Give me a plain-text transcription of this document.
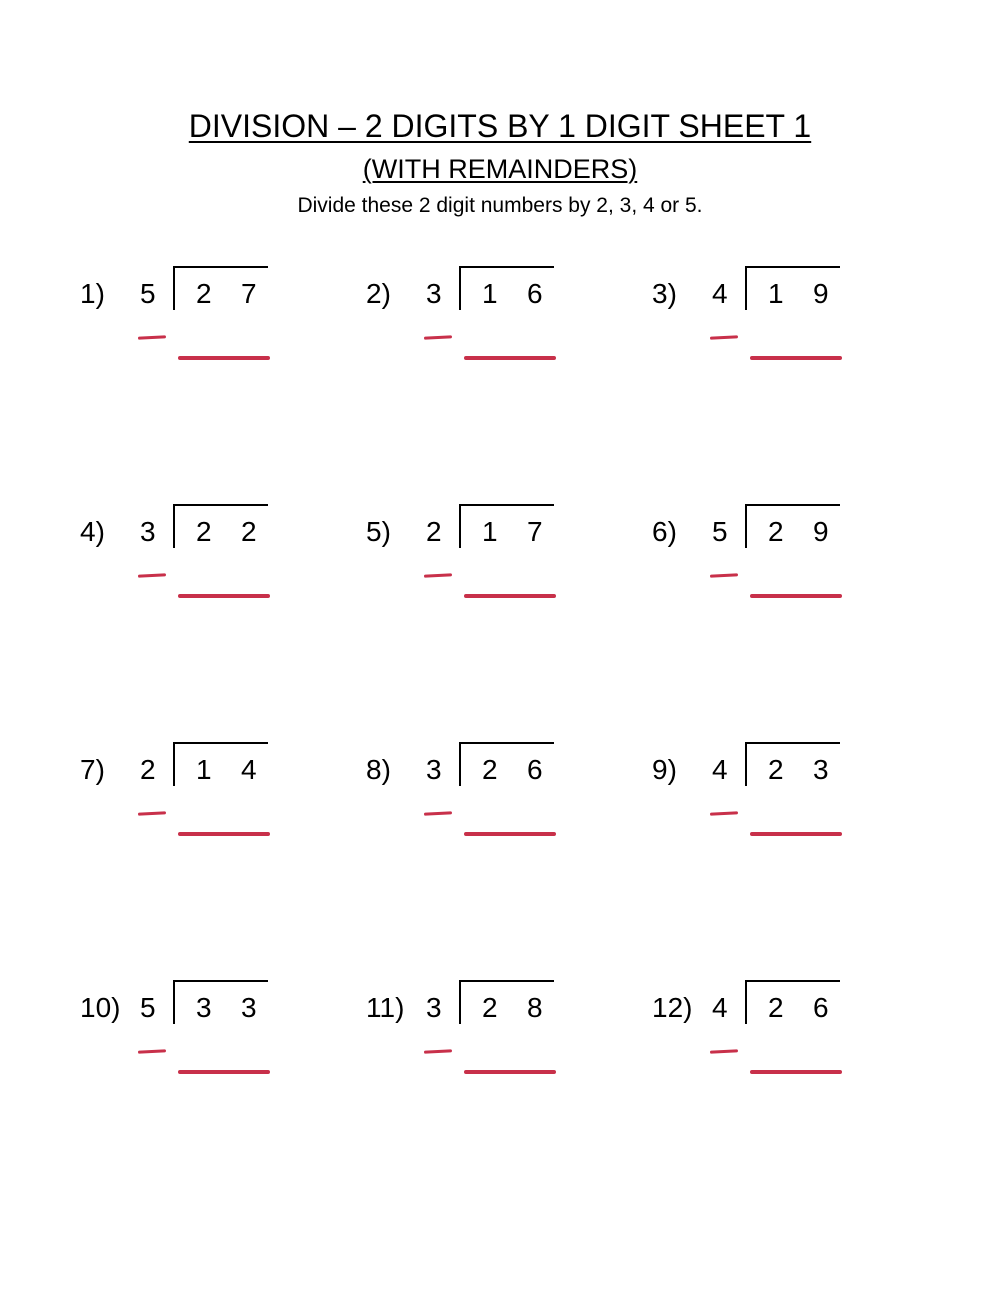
DIVISION – 2 DIGITS BY 1 DIGIT SHEET 1
(WITH REMAINDERS)
Divide these 2 digit numbers by 2, 3, 4 or 5.
1) 5 2 7	2) 3 1 6	3) 4 1 9
4) 3 2 2	5) 2 1 7	6) 5 2 9
7) 2 1 4	8) 3 2 6	9) 4 2 3
10) 5 3 3	11) 3 2 8	12) 4 2 6
